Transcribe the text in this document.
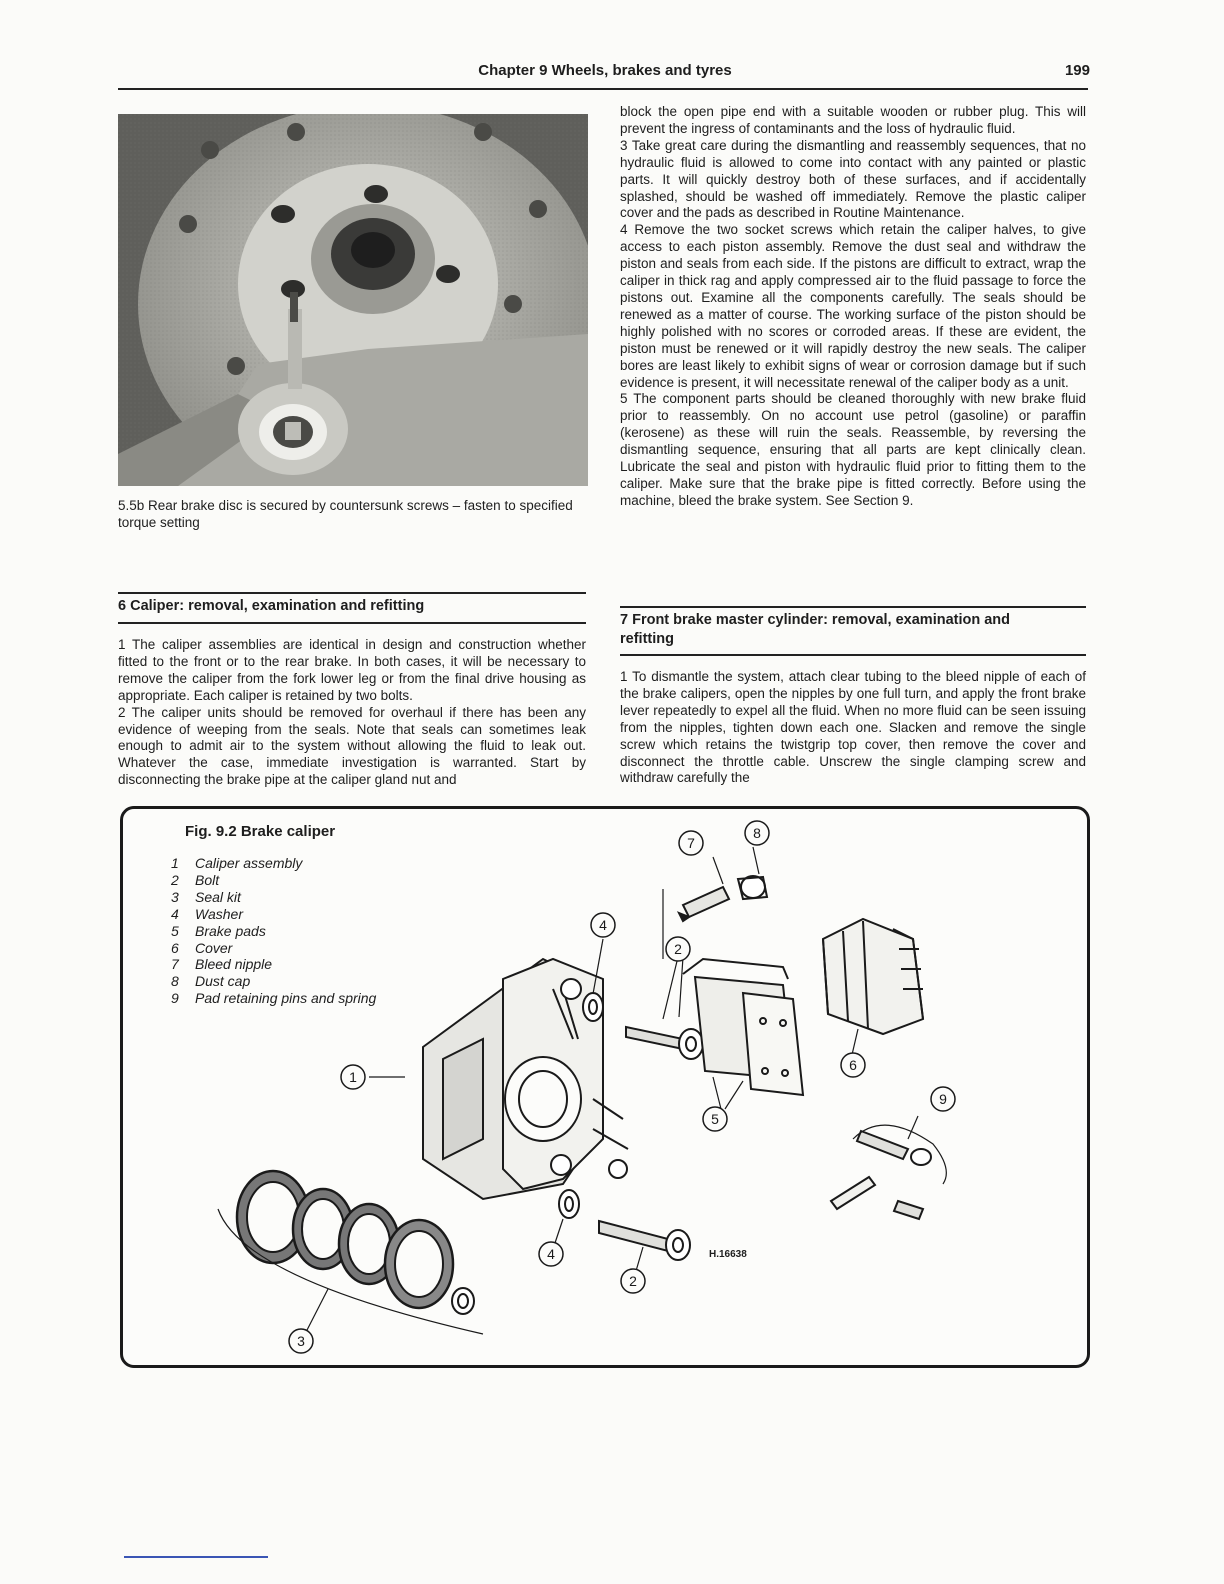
Chapter 9 Wheels, brakes and tyres	199
5.5b Rear brake disc is secured by countersunk screws – fasten to specified torque setting

block the open pipe end with a suitable wooden or rubber plug. This will prevent the ingress of contaminants and the loss of hydraulic fluid.

3 Take great care during the dismantling and reassembly sequences, that no hydraulic fluid is allowed to come into contact with any painted or plastic parts. It will quickly destroy both of these surfaces, and if accidentally splashed, should be washed off immediately. Remove the plastic caliper cover and the pads as described in Routine Maintenance.

4 Remove the two socket screws which retain the caliper halves, to give access to each piston assembly. Remove the dust seal and withdraw the piston and seals from each side. If the pistons are difficult to extract, wrap the caliper in thick rag and apply compressed air to the fluid passage to force the pistons out. Examine all the components carefully. The seals should be renewed as a matter of course. The working surface of the piston should be highly polished with no scores or corroded areas. If these are evident, the piston must be renewed or it will rapidly destroy the new seals. The caliper bores are least likely to exhibit signs of wear or corrosion damage but if such evidence is present, it will necessitate renewal of the caliper body as a unit.

5 The component parts should be cleaned thoroughly with new brake fluid prior to reassembly. On no account use petrol (gasoline) or paraffin (kerosene) as these will ruin the seals. Reassemble, by reversing the dismantling sequence, ensuring that all parts are kept clinically clean. Lubricate the seal and piston with hydraulic fluid prior to fitting them to the caliper. Make sure that the brake pipe is fitted correctly. Before using the machine, bleed the brake system. See Section 9.

6 Caliper: removal, examination and refitting

1 The caliper assemblies are identical in design and construction whether fitted to the front or to the rear brake. In both cases, it will be necessary to remove the caliper from the fork lower leg or from the final drive housing as appropriate. Each caliper is retained by two bolts.

2 The caliper units should be removed for overhaul if there has been any evidence of weeping from the seals. Note that seals can sometimes leak enough to admit air to the system without allowing the fluid to leak out. Whatever the case, immediate investigation is warranted. Start by disconnecting the brake pipe at the caliper gland nut and

7 Front brake master cylinder: removal, examination and
refitting

1 To dismantle the system, attach clear tubing to the bleed nipple of each of the brake calipers, open the nipples by one full turn, and apply the front brake lever repeatedly to expel all the fluid. When no more fluid can be seen issuing from the nipples, tighten down each one. Slacken and remove the single screw which retains the twistgrip top cover, then remove the cover and disconnect the throttle cable. Unscrew the single clamping screw and withdraw carefully the

Fig. 9.2 Brake caliper
1	Caliper assembly
2	Bolt
3	Seal kit
4	Washer
5	Brake pads
6	Cover
7	Bleed nipple
8	Dust cap
9	Pad retaining pins and spring
1
2
2
3
4
4
5
6
7
8
9
H.16638
